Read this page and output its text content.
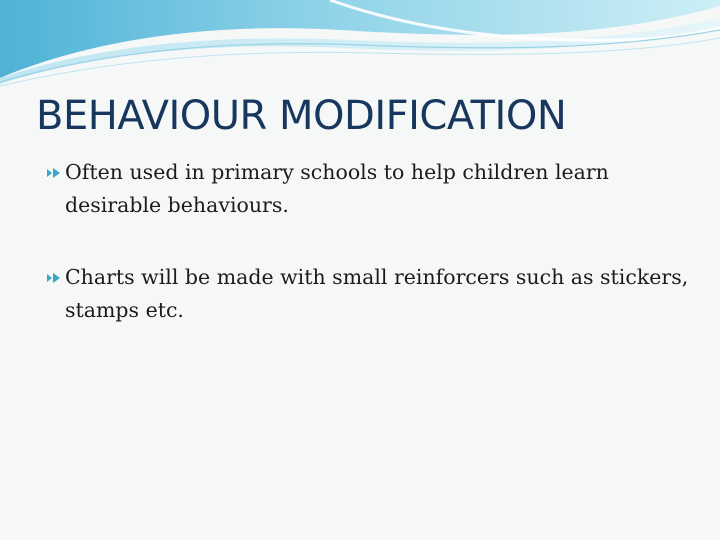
BEHAVIOUR MODIFICATION
Often used in primary schools to help children learn desirable behaviours.
Charts will be made with small reinforcers such as stickers, stamps etc.
